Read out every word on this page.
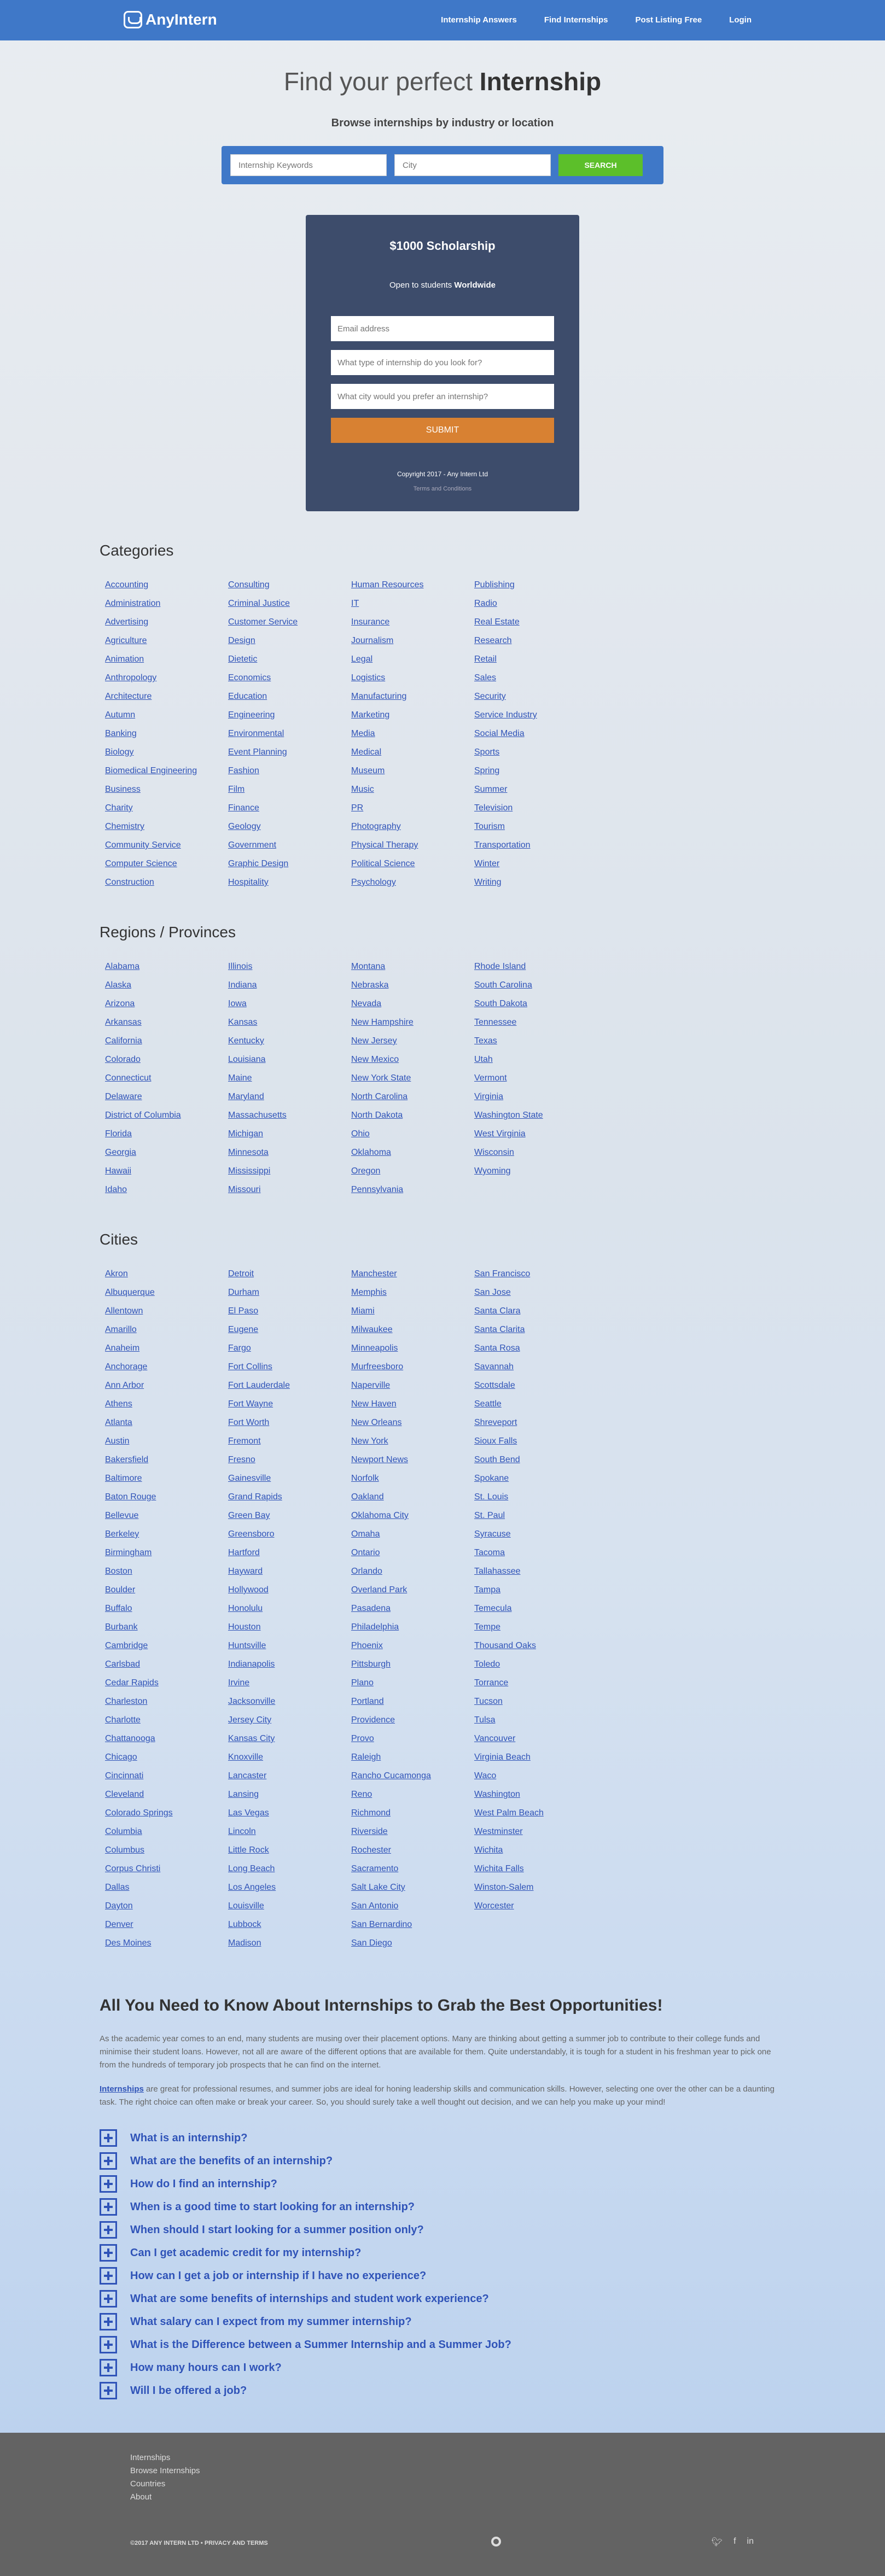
AnyIntern	Internship Answers	Find Internships	Post Listing Free	Login
Find your perfect Internship
Browse internships by industry or location
Internship Keywords
City
SEARCH
$1000 Scholarship
Open to students Worldwide
Email address
What type of internship do you look for?
What city would you prefer an internship?
SUBMIT
Copyright 2017 - Any Intern Ltd
Terms and Conditions
Categories
Accounting
Administration
Advertising
Agriculture
Animation
Anthropology
Architecture
Autumn
Banking
Biology
Biomedical Engineering
Business
Charity
Chemistry
Community Service
Computer Science
Construction
Consulting
Criminal Justice
Customer Service
Design
Dietetic
Economics
Education
Engineering
Environmental
Event Planning
Fashion
Film
Finance
Geology
Government
Graphic Design
Hospitality
Human Resources
IT
Insurance
Journalism
Legal
Logistics
Manufacturing
Marketing
Media
Medical
Museum
Music
PR
Photography
Physical Therapy
Political Science
Psychology
Publishing
Radio
Real Estate
Research
Retail
Sales
Security
Service Industry
Social Media
Sports
Spring
Summer
Television
Tourism
Transportation
Winter
Writing
Regions / Provinces
Alabama
Alaska
Arizona
Arkansas
California
Colorado
Connecticut
Delaware
District of Columbia
Florida
Georgia
Hawaii
Idaho
Illinois
Indiana
Iowa
Kansas
Kentucky
Louisiana
Maine
Maryland
Massachusetts
Michigan
Minnesota
Mississippi
Missouri
Montana
Nebraska
Nevada
New Hampshire
New Jersey
New Mexico
New York State
North Carolina
North Dakota
Ohio
Oklahoma
Oregon
Pennsylvania
Rhode Island
South Carolina
South Dakota
Tennessee
Texas
Utah
Vermont
Virginia
Washington State
West Virginia
Wisconsin
Wyoming
Cities
Akron
Albuquerque
Allentown
Amarillo
Anaheim
Anchorage
Ann Arbor
Athens
Atlanta
Austin
Bakersfield
Baltimore
Baton Rouge
Bellevue
Berkeley
Birmingham
Boston
Boulder
Buffalo
Burbank
Cambridge
Carlsbad
Cedar Rapids
Charleston
Charlotte
Chattanooga
Chicago
Cincinnati
Cleveland
Colorado Springs
Columbia
Columbus
Corpus Christi
Dallas
Dayton
Denver
Des Moines
Detroit
Durham
El Paso
Eugene
Fargo
Fort Collins
Fort Lauderdale
Fort Wayne
Fort Worth
Fremont
Fresno
Gainesville
Grand Rapids
Green Bay
Greensboro
Hartford
Hayward
Hollywood
Honolulu
Houston
Huntsville
Indianapolis
Irvine
Jacksonville
Jersey City
Kansas City
Knoxville
Lancaster
Lansing
Las Vegas
Lincoln
Little Rock
Long Beach
Los Angeles
Louisville
Lubbock
Madison
Manchester
Memphis
Miami
Milwaukee
Minneapolis
Murfreesboro
Naperville
New Haven
New Orleans
New York
Newport News
Norfolk
Oakland
Oklahoma City
Omaha
Ontario
Orlando
Overland Park
Pasadena
Philadelphia
Phoenix
Pittsburgh
Plano
Portland
Providence
Provo
Raleigh
Rancho Cucamonga
Reno
Richmond
Riverside
Rochester
Sacramento
Salt Lake City
San Antonio
San Bernardino
San Diego
San Francisco
San Jose
Santa Clara
Santa Clarita
Santa Rosa
Savannah
Scottsdale
Seattle
Shreveport
Sioux Falls
South Bend
Spokane
St. Louis
St. Paul
Syracuse
Tacoma
Tallahassee
Tampa
Temecula
Tempe
Thousand Oaks
Toledo
Torrance
Tucson
Tulsa
Vancouver
Virginia Beach
Waco
Washington
West Palm Beach
Westminster
Wichita
Wichita Falls
Winston-Salem
Worcester
All You Need to Know About Internships to Grab the Best Opportunities!

As the academic year comes to an end, many students are musing over their placement options. Many are thinking about getting a summer job to contribute to their college funds and minimise their student loans. However, not all are aware of the different options that are available for them. Quite understandably, it is tough for a student in his freshman year to pick one from the hundreds of temporary job prospects that he can find on the internet.

Internships are great for professional resumes, and summer jobs are ideal for honing leadership skills and communication skills. However, selecting one over the other can be a daunting task. The right choice can often make or break your career. So, you should surely take a well thought out decision, and we can help you make up your mind!

What is an internship?
What are the benefits of an internship?
How do I find an internship?
When is a good time to start looking for an internship?
When should I start looking for a summer position only?
Can I get academic credit for my internship?
How can I get a job or internship if I have no experience?
What are some benefits of internships and student work experience?
What salary can I expect from my summer internship?
What is the Difference between a Summer Internship and a Summer Job?
How many hours can I work?
Will I be offered a job?
Internships
Browse Internships
Countries
About
©2017 ANY INTERN LTD • PRIVACY AND TERMS	🐦︎ f in
